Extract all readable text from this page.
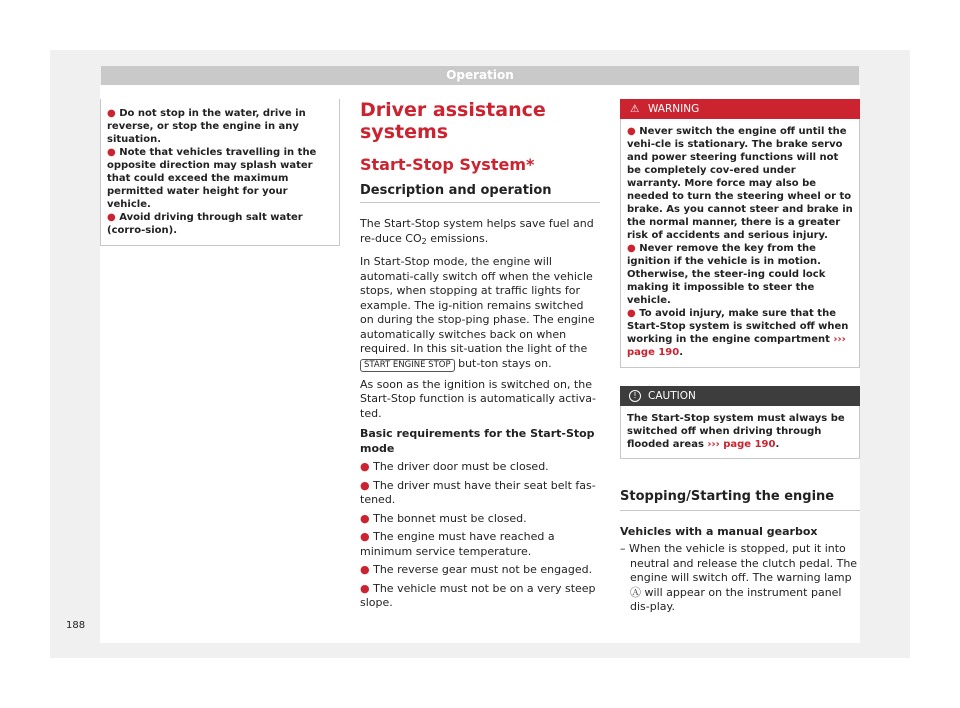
Operation
● Do not stop in the water, drive in reverse, or stop the engine in any situation.
● Note that vehicles travelling in the opposite direction may splash water that could exceed the maximum permitted water height for your vehicle.
● Avoid driving through salt water (corro-sion).
Driver assistance systems
Start-Stop System*
Description and operation
The Start-Stop system helps save fuel and re-duce $CO_2$ emissions.
In Start-Stop mode, the engine will automati-cally switch off when the vehicle stops, when stopping at traffic lights for example. The ig-nition remains switched on during the stop-ping phase. The engine automatically switches back on when required. In this sit-uation the light of the START ENGINE STOP but-ton stays on.
As soon as the ignition is switched on, the Start-Stop function is automatically activa-ted.
Basic requirements for the Start-Stop mode
● The driver door must be closed.
● The driver must have their seat belt fas-tened.
● The bonnet must be closed.
● The engine must have reached a minimum service temperature.
● The reverse gear must not be engaged.
● The vehicle must not be on a very steep slope.
⚠ WARNING
● Never switch the engine off until the vehi-cle is stationary. The brake servo and power steering functions will not be completely cov-ered under warranty. More force may also be needed to turn the steering wheel or to brake. As you cannot steer and brake in the normal manner, there is a greater risk of accidents and serious injury.
● Never remove the key from the ignition if the vehicle is in motion. Otherwise, the steer-ing could lock making it impossible to steer the vehicle.
● To avoid injury, make sure that the Start-Stop system is switched off when working in the engine compartment ››› page 190.
!	CAUTION
The Start-Stop system must always be switched off when driving through flooded areas ››› page 190.
Stopping/Starting the engine
Vehicles with a manual gearbox
– When the vehicle is stopped, put it into neutral and release the clutch pedal. The engine will switch off. The warning lamp Ⓐ will appear on the instrument panel dis-play.
188
